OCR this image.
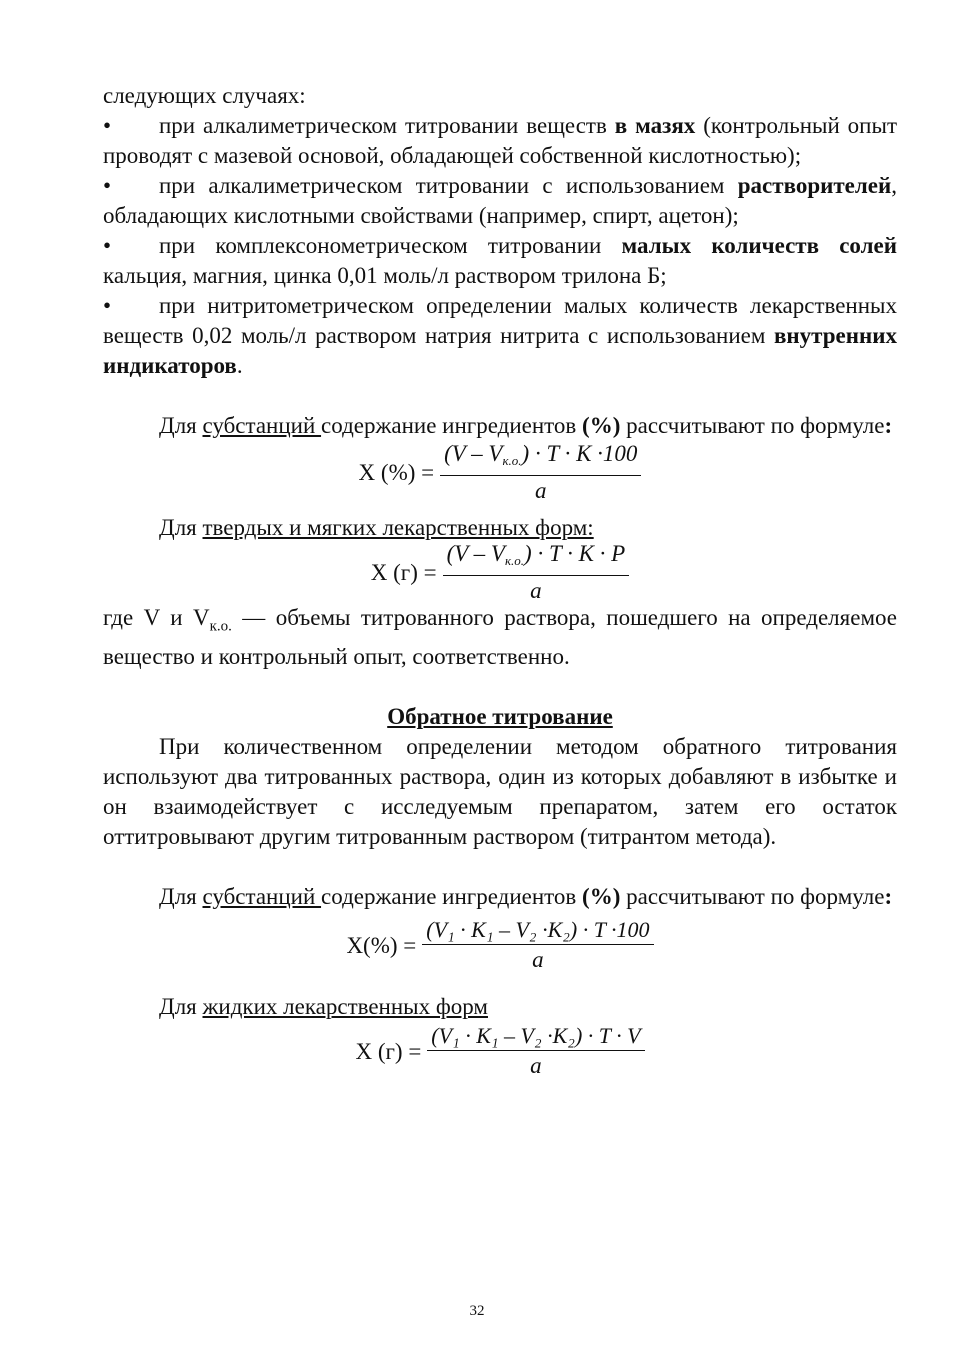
следующих случаях:

• при алкалиметрическом титровании веществ в мазях (контрольный опыт проводят с мазевой основой, обладающей собственной кислотностью);

• при алкалиметрическом титровании с использованием растворителей, обладающих кислотными свойствами (например, спирт, ацетон);

• при комплексонометрическом титровании малых количеств солей кальция, магния, цинка 0,01 моль/л раствором трилона Б;

• при нитритометрическом определении малых количеств лекарственных веществ 0,02 моль/л раствором натрия нитрита с использованием внутренних индикаторов.

Для субстанций содержание ингредиентов (%) рассчитывают по формуле:

X (%) = $\frac{(V - V_{к.о.}) \cdot T \cdot K \cdot 100}{a}$

Для твердых и мягких лекарственных форм:

X $(г) = \frac{(V - V_{к.о.}) \cdot T \cdot K \cdot P}{a}$

где V и $V_{к.о.}$ — объемы титрованного раствора, пошедшего на определяемое вещество и контрольный опыт, соответственно.

Обратное титрование

При количественном определении методом обратного титрования используют два титрованных раствора, один из которых добавляют в избытке и он взаимодействует с исследуемым препаратом, затем его остаток оттитровывают другим титрованным раствором (титрантом метода).

Для субстанций содержание ингредиентов (%) рассчитывают по формуле:

$X(\%) = \frac{\text{(V₁ · K₁ – V₂ ·K₂) · T ·100}}{a}$

Для жидких лекарственных форм

X $(г) = \frac{\text{(V₁ · K₁ – V₂ ·K₂) · T · V}}{a}$
32
